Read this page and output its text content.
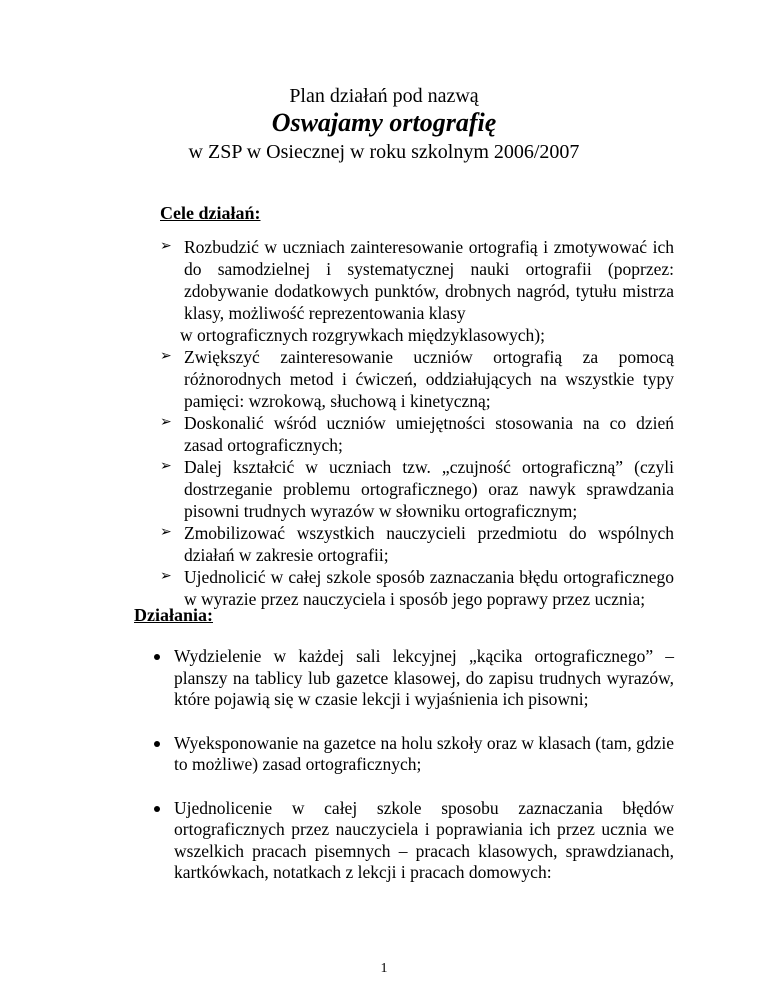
Plan działań pod nazwą
Oswajamy ortografię
w ZSP w Osiecznej w roku szkolnym 2006/2007
Cele działań:
➢ Rozbudzić w uczniach zainteresowanie ortografią i zmotywować ich do samodzielnej i systematycznej nauki ortografii (poprzez: zdobywanie dodatkowych punktów, drobnych nagród, tytułu mistrza klasy, możliwość reprezentowania klasy
w ortograficznych rozgrywkach międzyklasowych);
➢ Zwiększyć zainteresowanie uczniów ortografią za pomocą różnorodnych metod i ćwiczeń, oddziałujących na wszystkie typy pamięci: wzrokową, słuchową i kinetyczną;
➢ Doskonalić wśród uczniów umiejętności stosowania na co dzień zasad ortograficznych;
➢ Dalej kształcić w uczniach tzw. „czujność ortograficzną” (czyli dostrzeganie problemu ortograficznego) oraz nawyk sprawdzania pisowni trudnych wyrazów w słowniku ortograficznym;
➢ Zmobilizować wszystkich nauczycieli przedmiotu do wspólnych działań w zakresie ortografii;
➢ Ujednolicić w całej szkole sposób zaznaczania błędu ortograficznego w wyrazie przez nauczyciela i sposób jego poprawy przez ucznia;
Działania:
Wydzielenie w każdej sali lekcyjnej „kącika ortograficznego” – planszy na tablicy lub gazetce klasowej, do zapisu trudnych wyrazów, które pojawią się w czasie lekcji i wyjaśnienia ich pisowni;
Wyeksponowanie na gazetce na holu szkoły oraz w klasach (tam, gdzie to możliwe) zasad ortograficznych;
Ujednolicenie w całej szkole sposobu zaznaczania błędów ortograficznych przez nauczyciela i poprawiania ich przez ucznia we wszelkich pracach pisemnych – pracach klasowych, sprawdzianach, kartkówkach, notatkach z lekcji i pracach domowych:
1
